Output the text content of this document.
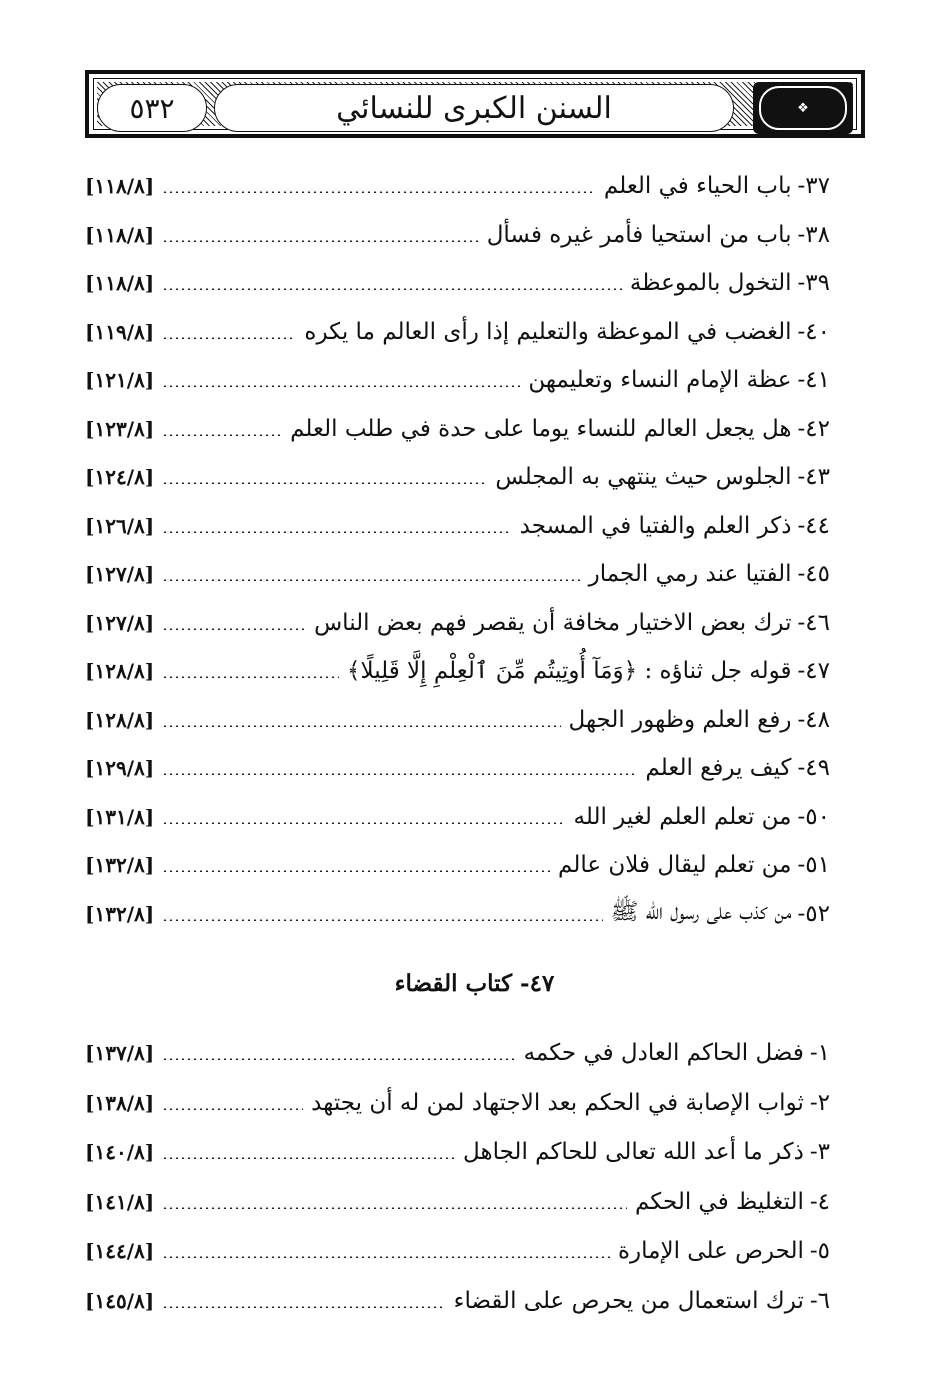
٥٣٢	السنن الكبرى للنسائي	❖
٣٧-
باب الحياء في العلم
[١١٨/٨]
٣٨-
باب من استحيا فأمر غيره فسأل
[١١٨/٨]
٣٩-
التخول بالموعظة
[١١٨/٨]
٤٠-
الغضب في الموعظة والتعليم إذا رأى العالم ما يكره
[١١٩/٨]
٤١-
عظة الإمام النساء وتعليمهن
[١٢١/٨]
٤٢-
هل يجعل العالم للنساء يوما على حدة في طلب العلم
[١٢٣/٨]
٤٣-
الجلوس حيث ينتهي به المجلس
[١٢٤/٨]
٤٤-
ذكر العلم والفتيا في المسجد
[١٢٦/٨]
٤٥-
الفتيا عند رمي الجمار
[١٢٧/٨]
٤٦-
ترك بعض الاختيار مخافة أن يقصر فهم بعض الناس
[١٢٧/٨]
٤٧-
قوله جل ثناؤه : ﴿وَمَآ أُوتِيتُم مِّنَ ٱلْعِلْمِ إِلَّا قَلِيلًا﴾
[١٢٨/٨]
٤٨-
رفع العلم وظهور الجهل
[١٢٨/٨]
٤٩-
كيف يرفع العلم
[١٢٩/٨]
٥٠-
من تعلم العلم لغير الله
[١٣١/٨]
٥١-
من تعلم ليقال فلان عالم
[١٣٢/٨]
٥٢-
من كذب على رسول الله ﷺ
[١٣٢/٨]
٤٧- كتاب القضاء
١-
فضل الحاكم العادل في حكمه
[١٣٧/٨]
٢-
ثواب الإصابة في الحكم بعد الاجتهاد لمن له أن يجتهد
[١٣٨/٨]
٣-
ذكر ما أعد الله تعالى للحاكم الجاهل
[١٤٠/٨]
٤-
التغليظ في الحكم
[١٤١/٨]
٥-
الحرص على الإمارة
[١٤٤/٨]
٦-
ترك استعمال من يحرص على القضاء
[١٤٥/٨]
